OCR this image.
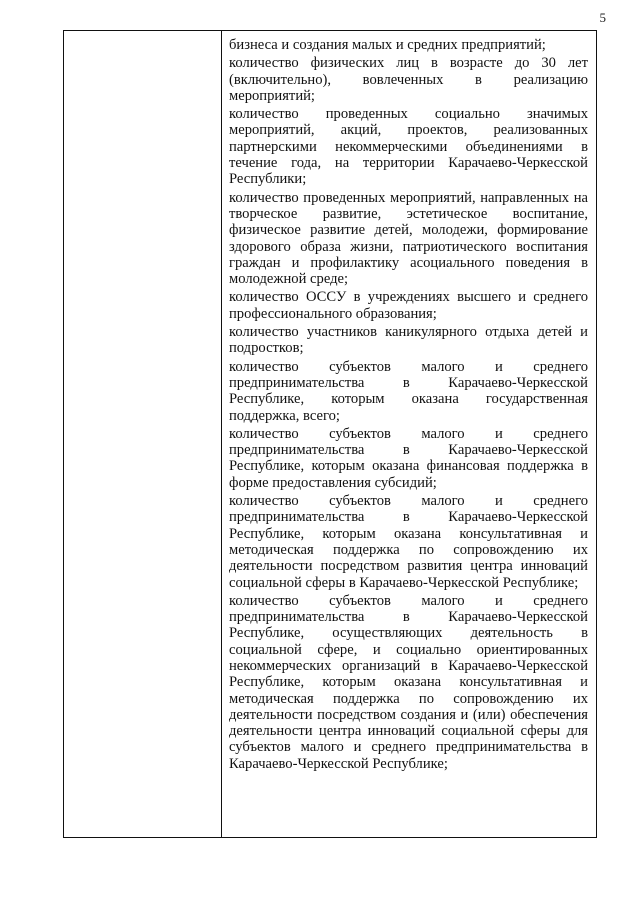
5
бизнеса и создания малых и средних предприятий;
количество физических лиц в возрасте до 30 лет (включительно), вовлеченных в реализацию мероприятий;
количество проведенных социально значимых мероприятий, акций, проектов, реализованных партнерскими некоммерческими объединениями в течение года, на территории Карачаево-Черкесской Республики;
количество проведенных мероприятий, направленных на творческое развитие, эстетическое воспитание, физическое развитие детей, молодежи, формирование здорового образа жизни, патриотического воспитания граждан и профилактику асоциального поведения в молодежной среде;
количество ОССУ в учреждениях высшего и среднего профессионального образования;
количество участников каникулярного отдыха детей и подростков;
количество субъектов малого и среднего предпринимательства в Карачаево-Черкесской Республике, которым оказана государственная поддержка, всего;
количество субъектов малого и среднего предпринимательства в Карачаево-Черкесской Республике, которым оказана финансовая поддержка в форме предоставления субсидий;
количество субъектов малого и среднего предпринимательства в Карачаево-Черкесской Республике, которым оказана консультативная и методическая поддержка по сопровождению их деятельности посредством развития центра инноваций социальной сферы в Карачаево-Черкесской Республике;
количество субъектов малого и среднего предпринимательства в Карачаево-Черкесской Республике, осуществляющих деятельность в социальной сфере, и социально ориентированных некоммерческих организаций в Карачаево-Черкесской Республике, которым оказана консультативная и методическая поддержка по сопровождению их деятельности посредством создания и (или) обеспечения деятельности центра инноваций социальной сферы для субъектов малого и среднего предпринимательства в Карачаево-Черкесской Республике;
